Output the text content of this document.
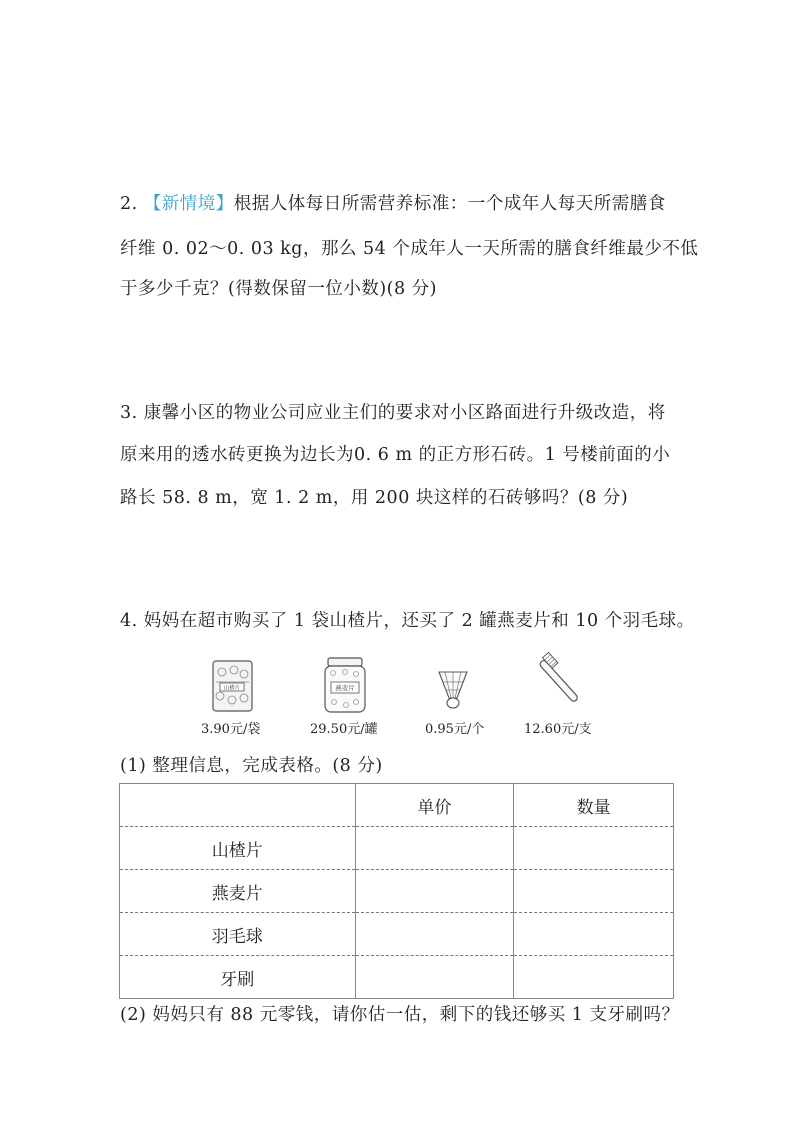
2. 【新情境】根据人体每日所需营养标准：一个成年人每天所需膳食
纤维 0. 02～0. 03 kg，那么 54 个成年人一天所需的膳食纤维最少不低
于多少千克？(得数保留一位小数)(8 分)
3. 康馨小区的物业公司应业主们的要求对小区路面进行升级改造，将
原来用的透水砖更换为边长为0. 6 m 的正方形石砖。1 号楼前面的小
路长 58. 8 m，宽 1. 2 m，用 200 块这样的石砖够吗？(8 分)
4. 妈妈在超市购买了 1 袋山楂片，还买了 2 罐燕麦片和 10 个羽毛球。
山楂片
3.90元/袋
燕麦片
29.50元/罐	0.95元/个	12.60元/支
(1) 整理信息，完成表格。(8 分)
	单价	数量
山楂片		
燕麦片		
羽毛球		
牙刷		
(2) 妈妈只有 88 元零钱，请你估一估，剩下的钱还够买 1 支牙刷吗？
